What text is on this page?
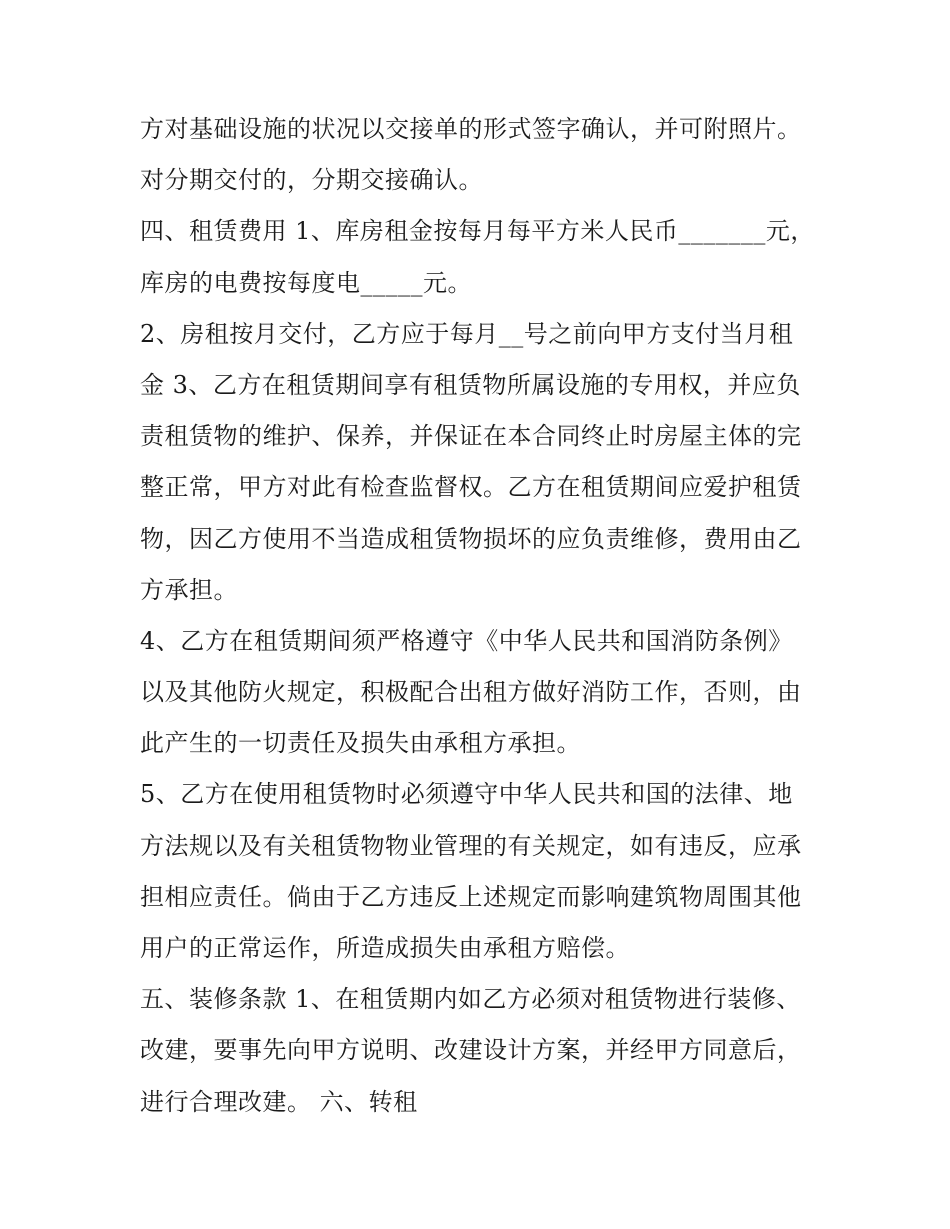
方对基础设施的状况以交接单的形式签字确认，并可附照片。
对分期交付的，分期交接确认。
四、租赁费用 1、库房租金按每月每平方米人民币_______元，
库房的电费按每度电_____元。
2、房租按月交付，乙方应于每月__号之前向甲方支付当月租
金 3、乙方在租赁期间享有租赁物所属设施的专用权，并应负
责租赁物的维护、保养，并保证在本合同终止时房屋主体的完
整正常，甲方对此有检查监督权。乙方在租赁期间应爱护租赁
物，因乙方使用不当造成租赁物损坏的应负责维修，费用由乙
方承担。
4、乙方在租赁期间须严格遵守《中华人民共和国消防条例》
以及其他防火规定，积极配合出租方做好消防工作，否则，由
此产生的一切责任及损失由承租方承担。
5、乙方在使用租赁物时必须遵守中华人民共和国的法律、地
方法规以及有关租赁物物业管理的有关规定，如有违反，应承
担相应责任。倘由于乙方违反上述规定而影响建筑物周围其他
用户的正常运作，所造成损失由承租方赔偿。
五、装修条款 1、在租赁期内如乙方必须对租赁物进行装修、
改建，要事先向甲方说明、改建设计方案，并经甲方同意后，
进行合理改建。 六、转租
